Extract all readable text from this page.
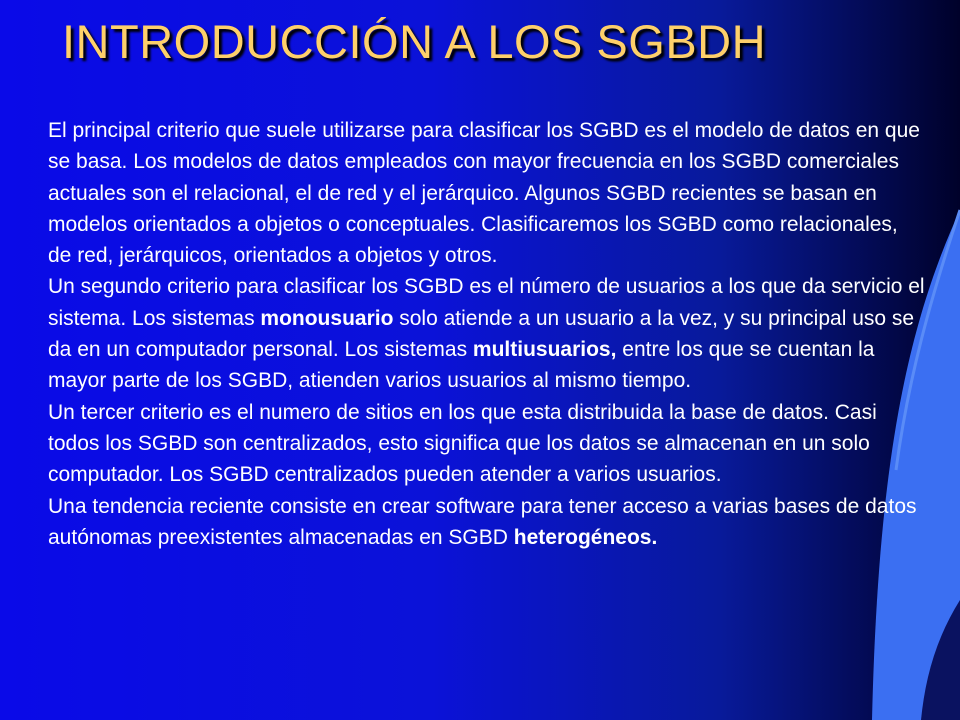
INTRODUCCIÓN A LOS SGBDH

El principal criterio que suele utilizarse para clasificar los SGBD es el modelo de datos en que se basa. Los modelos de datos empleados con mayor frecuencia en los SGBD comerciales actuales son el relacional, el de red y el jerárquico. Algunos SGBD recientes se basan en modelos orientados a objetos o conceptuales. Clasificaremos los SGBD como relacionales, de red, jerárquicos, orientados a objetos y otros.

Un segundo criterio para clasificar los SGBD es el número de usuarios a los que da servicio el sistema. Los sistemas monousuario solo atiende a un usuario a la vez, y su principal uso se da en un computador personal. Los sistemas multiusuarios, entre los que se cuentan la mayor parte de los SGBD, atienden varios usuarios al mismo tiempo.

Un tercer criterio es el numero de sitios en los que esta distribuida la base de datos. Casi todos los SGBD son centralizados, esto significa que los datos se almacenan en un solo computador. Los SGBD centralizados pueden atender a varios usuarios.

Una tendencia reciente consiste en crear software para tener acceso a varias bases de datos autónomas preexistentes almacenadas en SGBD heterogéneos.
